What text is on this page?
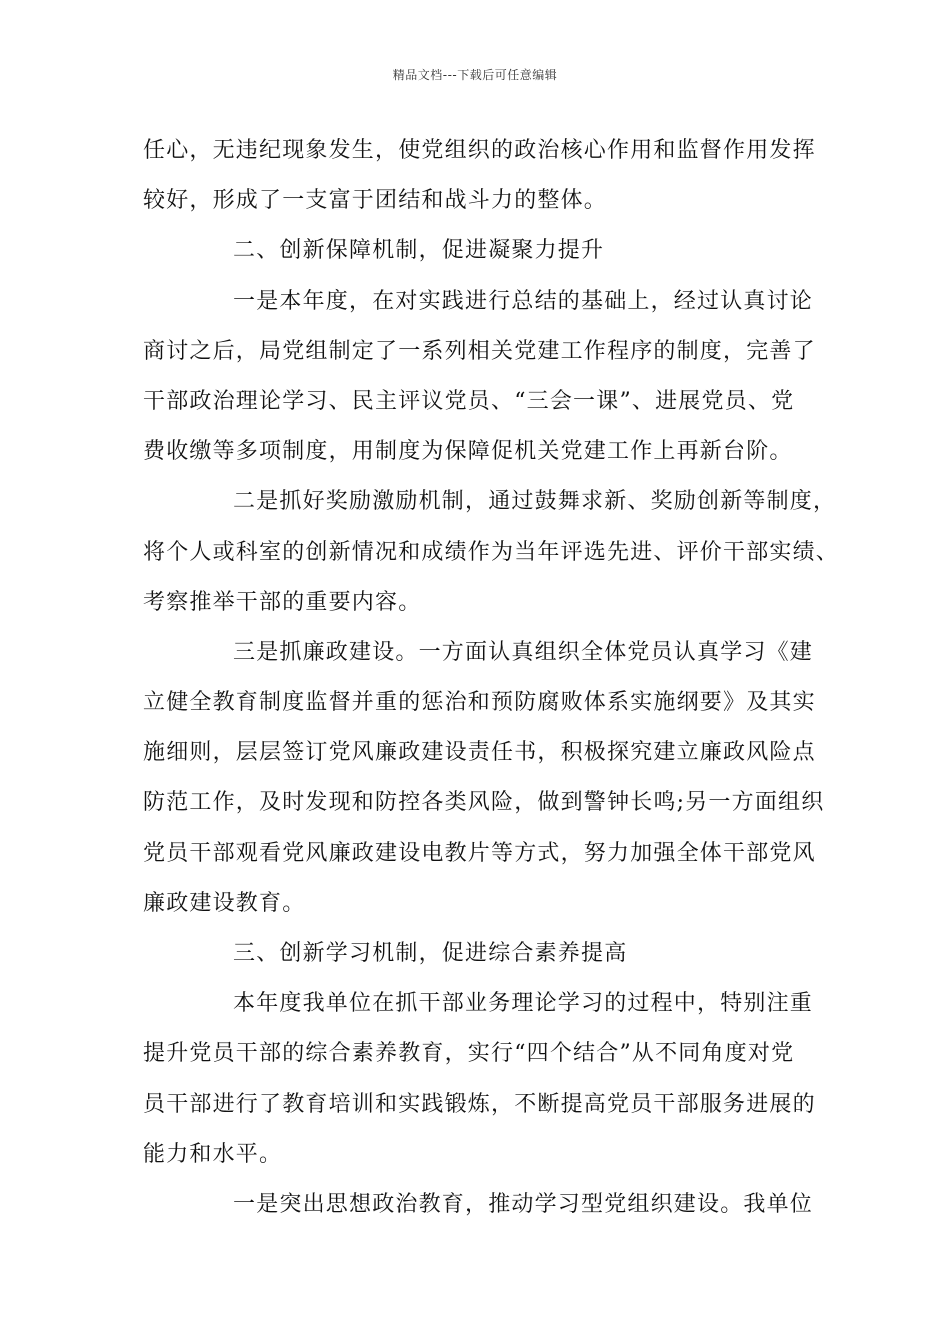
精品文档---下载后可任意编辑
任心，无违纪现象发生，使党组织的政治核心作用和监督作用发挥
较好，形成了一支富于团结和战斗力的整体。
二、创新保障机制，促进凝聚力提升
一是本年度，在对实践进行总结的基础上，经过认真讨论
商讨之后，局党组制定了一系列相关党建工作程序的制度，完善了
干部政治理论学习、民主评议党员、“三会一课”、进展党员、党
费收缴等多项制度，用制度为保障促机关党建工作上再新台阶。
二是抓好奖励激励机制，通过鼓舞求新、奖励创新等制度，
将个人或科室的创新情况和成绩作为当年评选先进、评价干部实绩、
考察推举干部的重要内容。
三是抓廉政建设。一方面认真组织全体党员认真学习《建
立健全教育制度监督并重的惩治和预防腐败体系实施纲要》及其实
施细则，层层签订党风廉政建设责任书，积极探究建立廉政风险点
防范工作，及时发现和防控各类风险，做到警钟长鸣;另一方面组织
党员干部观看党风廉政建设电教片等方式，努力加强全体干部党风
廉政建设教育。
三、创新学习机制，促进综合素养提高
本年度我单位在抓干部业务理论学习的过程中，特别注重
提升党员干部的综合素养教育，实行“四个结合”从不同角度对党
员干部进行了教育培训和实践锻炼，不断提高党员干部服务进展的
能力和水平。
一是突出思想政治教育，推动学习型党组织建设。我单位
